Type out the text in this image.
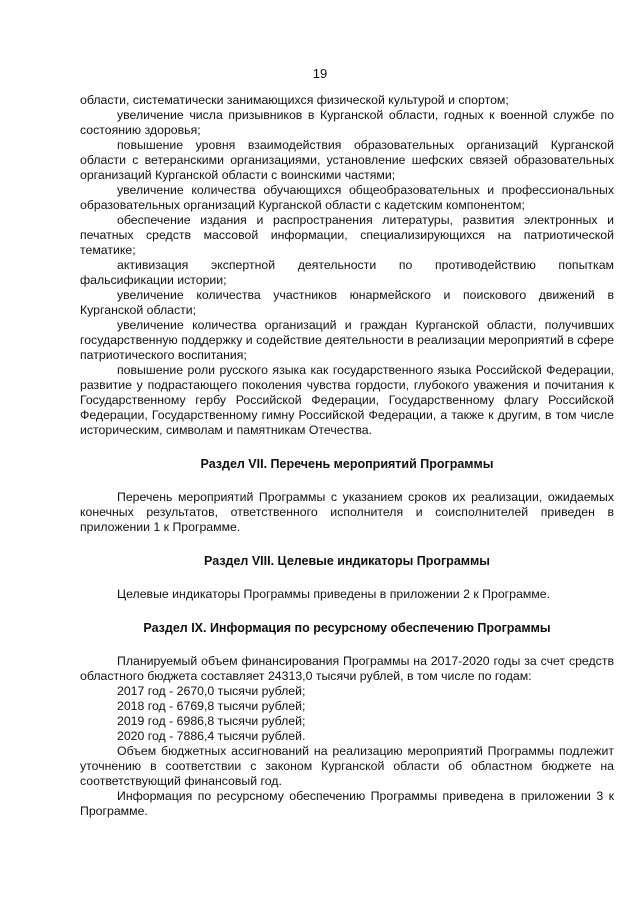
19

области, систематически занимающихся физической культурой и спортом;

увеличение числа призывников в Курганской области, годных к военной службе по состоянию здоровья;

повышение уровня взаимодействия образовательных организаций Курганской области с ветеранскими организациями, установление шефских связей образовательных организаций Курганской области с воинскими частями;

увеличение количества обучающихся общеобразовательных и профессиональных образовательных организаций Курганской области с кадетским компонентом;

обеспечение издания и распространения литературы, развития электронных и печатных средств массовой информации, специализирующихся на патриотической тематике;

активизация экспертной деятельности по противодействию попыткам фальсификации истории;

увеличение количества участников юнармейского и поискового движений в Курганской области;

увеличение количества организаций и граждан Курганской области, получивших государственную поддержку и содействие деятельности в реализации мероприятий в сфере патриотического воспитания;

повышение роли русского языка как государственного языка Российской Федерации, развитие у подрастающего поколения чувства гордости, глубокого уважения и почитания к Государственному гербу Российской Федерации, Государственному флагу Российской Федерации, Государственному гимну Российской Федерации, а также к другим, в том числе историческим, символам и памятникам Отечества.

Раздел VII. Перечень мероприятий Программы

Перечень мероприятий Программы с указанием сроков их реализации, ожидаемых конечных результатов, ответственного исполнителя и соисполнителей приведен в приложении 1 к Программе.

Раздел VIII. Целевые индикаторы Программы

Целевые индикаторы Программы приведены в приложении 2 к Программе.

Раздел IX. Информация по ресурсному обеспечению Программы

Планируемый объем финансирования Программы на 2017-2020 годы за счет средств областного бюджета составляет 24313,0 тысячи рублей, в том числе по годам:

2017 год - 2670,0 тысячи рублей;

2018 год - 6769,8 тысячи рублей;

2019 год - 6986,8 тысячи рублей;

2020 год - 7886,4 тысячи рублей.

Объем бюджетных ассигнований на реализацию мероприятий Программы подлежит уточнению в соответствии с законом Курганской области об областном бюджете на соответствующий финансовый год.

Информация по ресурсному обеспечению Программы приведена в приложении 3 к Программе.
